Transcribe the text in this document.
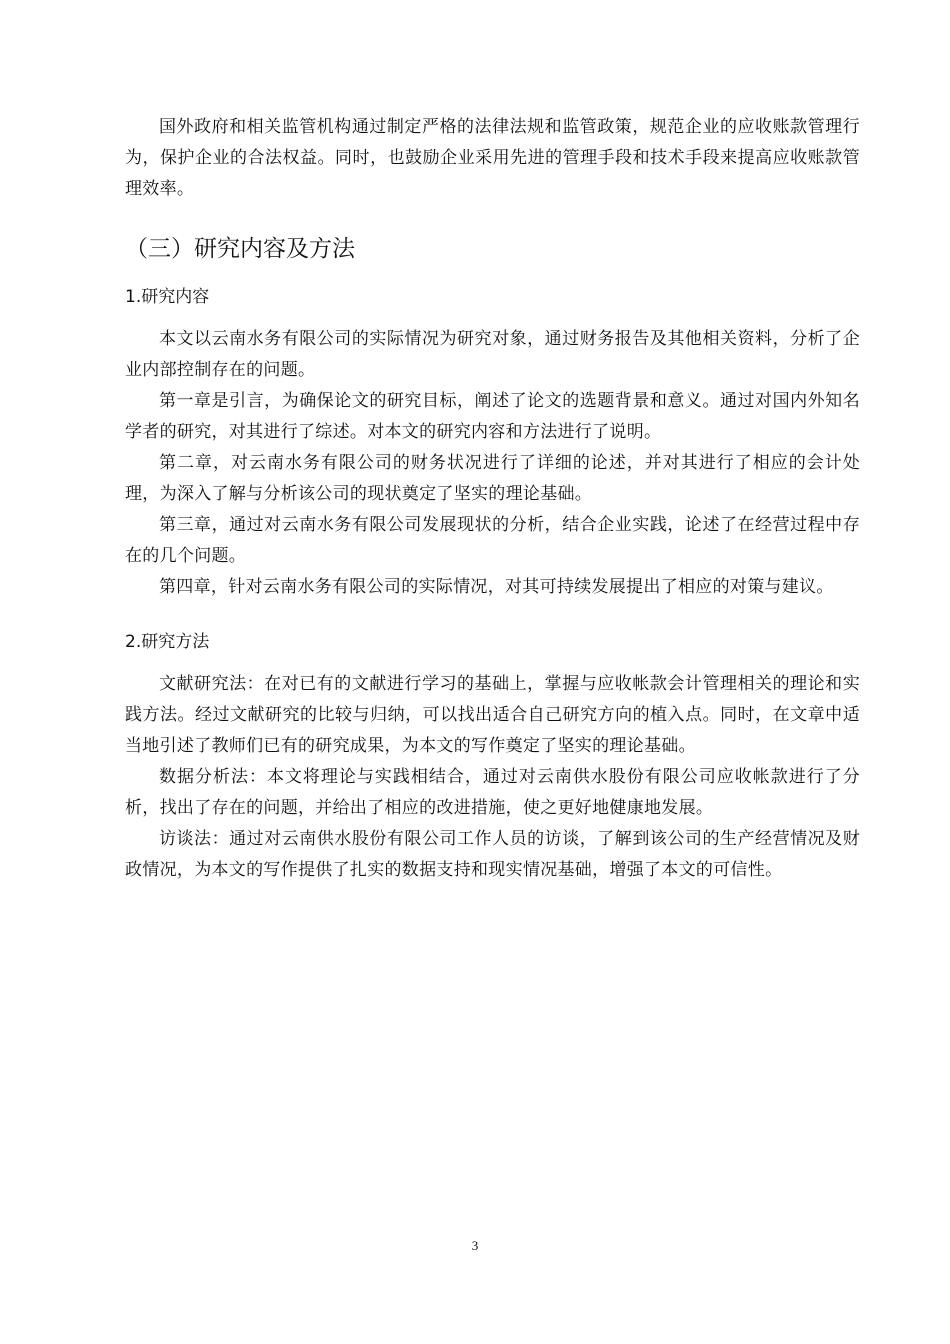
国外政府和相关监管机构通过制定严格的法律法规和监管政策，规范企业的应收账款管理行为，保护企业的合法权益。同时，也鼓励企业采用先进的管理手段和技术手段来提高应收账款管理效率。

（三）研究内容及方法
1.研究内容

本文以云南水务有限公司的实际情况为研究对象，通过财务报告及其他相关资料，分析了企业内部控制存在的问题。

第一章是引言，为确保论文的研究目标，阐述了论文的选题背景和意义。通过对国内外知名学者的研究，对其进行了综述。对本文的研究内容和方法进行了说明。

第二章，对云南水务有限公司的财务状况进行了详细的论述，并对其进行了相应的会计处理，为深入了解与分析该公司的现状奠定了坚实的理论基础。

第三章，通过对云南水务有限公司发展现状的分析，结合企业实践，论述了在经营过程中存在的几个问题。

第四章，针对云南水务有限公司的实际情况，对其可持续发展提出了相应的对策与建议。

2.研究方法

文献研究法：在对已有的文献进行学习的基础上，掌握与应收帐款会计管理相关的理论和实践方法。经过文献研究的比较与归纳，可以找出适合自己研究方向的植入点。同时，在文章中适当地引述了教师们已有的研究成果，为本文的写作奠定了坚实的理论基础。

数据分析法：本文将理论与实践相结合，通过对云南供水股份有限公司应收帐款进行了分析，找出了存在的问题，并给出了相应的改进措施，使之更好地健康地发展。

访谈法：通过对云南供水股份有限公司工作人员的访谈，了解到该公司的生产经营情况及财政情况，为本文的写作提供了扎实的数据支持和现实情况基础，增强了本文的可信性。

3
